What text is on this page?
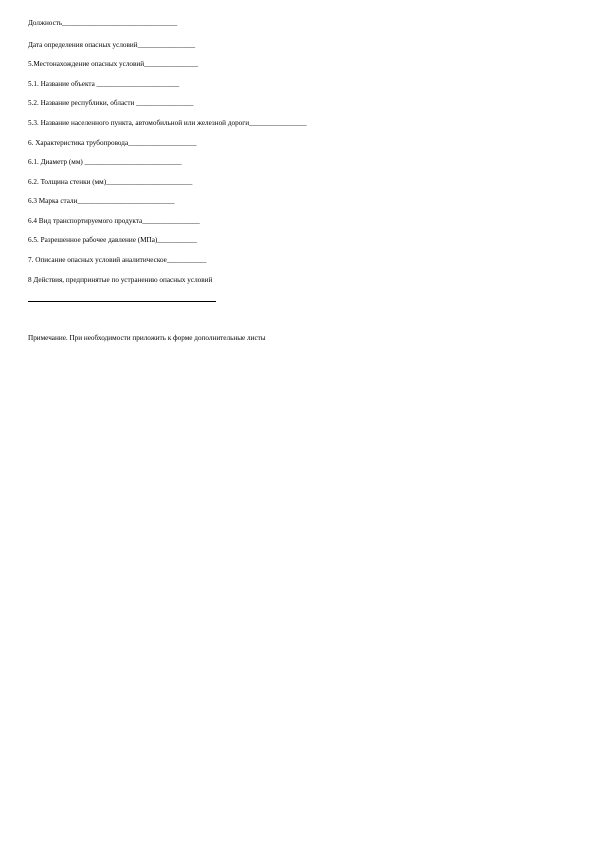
Должность________________________________
Дата определения опасных условий________________
5.Местонахождение опасных условий_______________
5.1. Название объекта _______________________
5.2. Название республики, области ________________
5.3. Название населенного пункта, автомобильной или железной дороги________________
6. Характеристика трубопровода___________________
6.1. Диаметр (мм) ___________________________
6.2. Толщина стенки (мм)________________________
6.3 Марка стали___________________________
6.4 Вид транспортируемого продукта________________
6.5. Разрешенное рабочее давление (МПа)___________
7. Описание опасных условий аналитическое___________
8 Действия, предпринятые по устранению опасных условий
Примечание. При необходимости приложить к форме дополнительные листы
